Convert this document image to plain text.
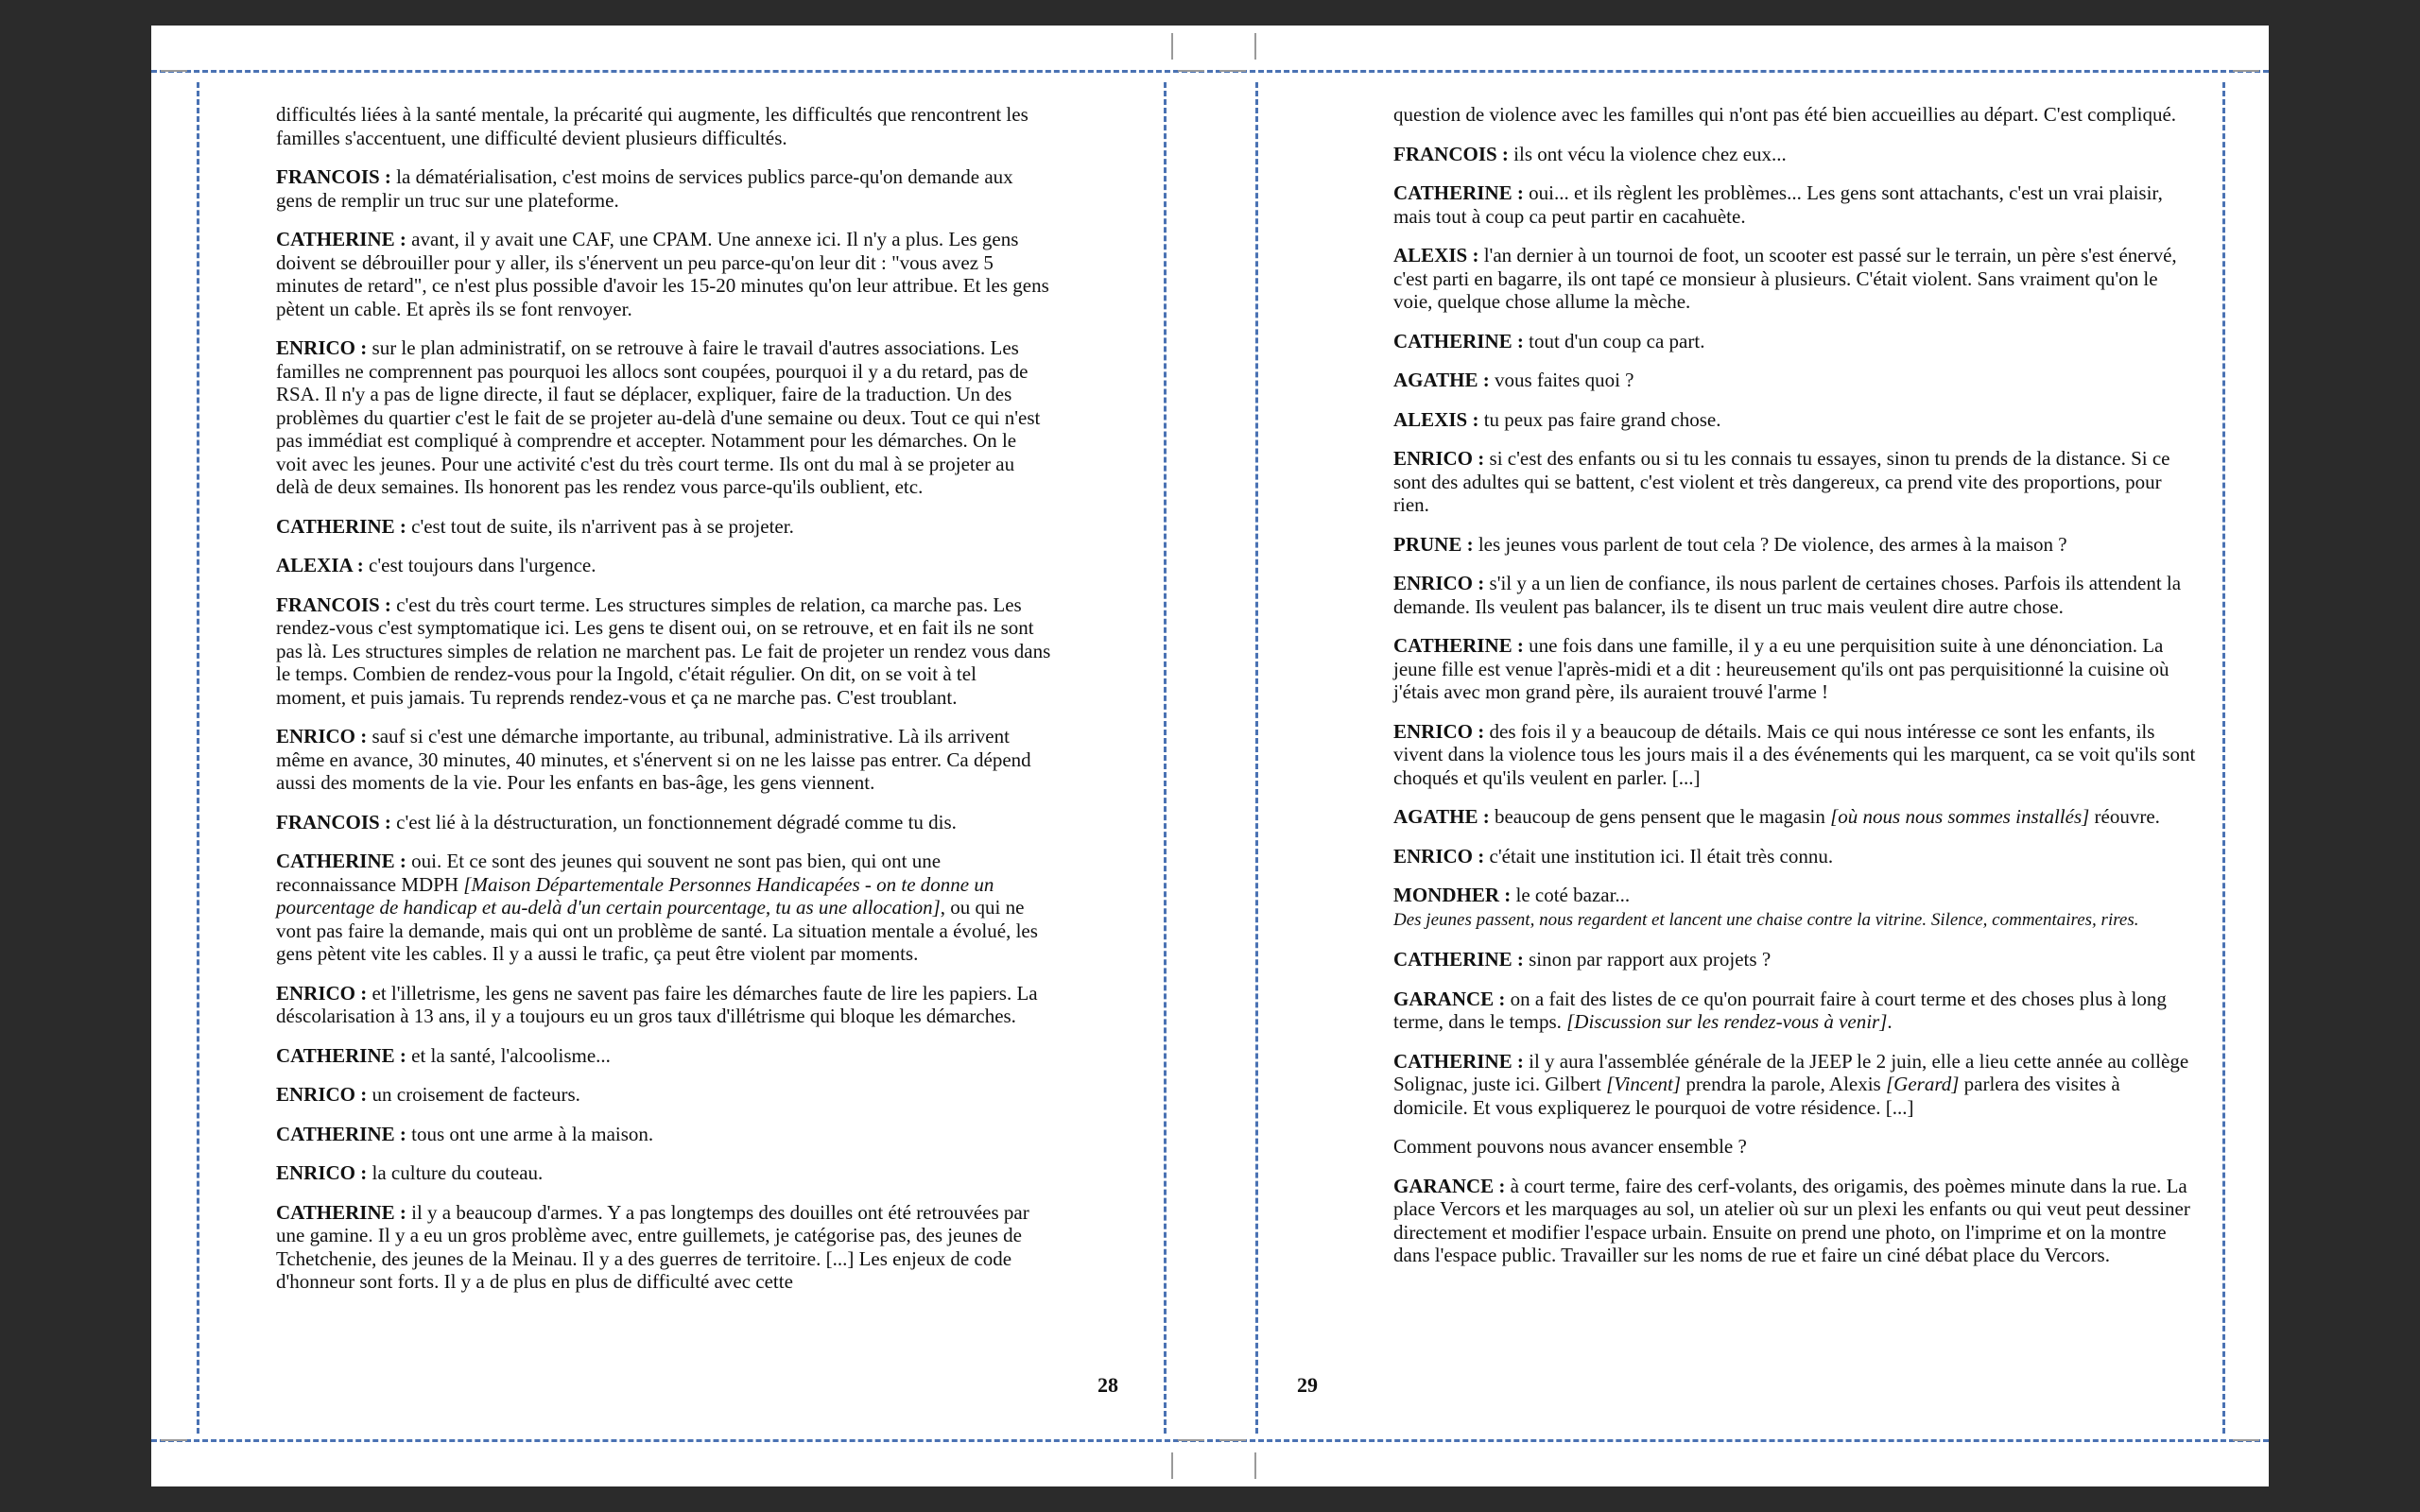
difficultés liées à la santé mentale, la précarité qui augmente, les difficultés que rencontrent les familles s'accentuent, une difficulté devient plusieurs difficultés.

FRANCOIS : la dématérialisation, c'est moins de services publics parce-qu'on demande aux gens de remplir un truc sur une plateforme.

CATHERINE : avant, il y avait une CAF, une CPAM. Une annexe ici. Il n'y a plus. Les gens doivent se débrouiller pour y aller, ils s'énervent un peu parce-qu'on leur dit : "vous avez 5 minutes de retard", ce n'est plus possible d'avoir les 15-20 minutes qu'on leur attribue. Et les gens pètent un cable. Et après ils se font renvoyer.

ENRICO : sur le plan administratif, on se retrouve à faire le travail d'autres associations. Les familles ne comprennent pas pourquoi les allocs sont coupées, pourquoi il y a du retard, pas de RSA. Il n'y a pas de ligne directe, il faut se déplacer, expliquer, faire de la traduction. Un des problèmes du quartier c'est le fait de se projeter au-delà d'une semaine ou deux. Tout ce qui n'est pas immédiat est compliqué à comprendre et accepter. Notamment pour les démarches. On le voit avec les jeunes. Pour une activité c'est du très court terme. Ils ont du mal à se projeter au delà de deux semaines. Ils honorent pas les rendez vous parce-qu'ils oublient, etc.

CATHERINE : c'est tout de suite, ils n'arrivent pas à se projeter.

ALEXIA : c'est toujours dans l'urgence.

FRANCOIS : c'est du très court terme. Les structures simples de relation, ca marche pas. Les rendez-vous c'est symptomatique ici. Les gens te disent oui, on se retrouve, et en fait ils ne sont pas là. Les structures simples de relation ne marchent pas. Le fait de projeter un rendez vous dans le temps. Combien de rendez-vous pour la Ingold, c'était régulier. On dit, on se voit à tel moment, et puis jamais. Tu reprends rendez-vous et ça ne marche pas. C'est troublant.

ENRICO : sauf si c'est une démarche importante, au tribunal, administrative. Là ils arrivent même en avance, 30 minutes, 40 minutes, et s'énervent si on ne les laisse pas entrer. Ca dépend aussi des moments de la vie. Pour les enfants en bas-âge, les gens viennent.

FRANCOIS : c'est lié à la déstructuration, un fonctionnement dégradé comme tu dis.

CATHERINE : oui. Et ce sont des jeunes qui souvent ne sont pas bien, qui ont une reconnaissance MDPH [Maison Départementale Personnes Handicapées - on te donne un pourcentage de handicap et au-delà d'un certain pourcentage, tu as une allocation], ou qui ne vont pas faire la demande, mais qui ont un problème de santé. La situation mentale a évolué, les gens pètent vite les cables. Il y a aussi le trafic, ça peut être violent par moments.

ENRICO : et l'illetrisme, les gens ne savent pas faire les démarches faute de lire les papiers. La déscolarisation à 13 ans, il y a toujours eu un gros taux d'illétrisme qui bloque les démarches.

CATHERINE : et la santé, l'alcoolisme...

ENRICO : un croisement de facteurs.

CATHERINE : tous ont une arme à la maison.

ENRICO : la culture du couteau.

CATHERINE : il y a beaucoup d'armes. Y a pas longtemps des douilles ont été retrouvées par une gamine. Il y a eu un gros problème avec, entre guillemets, je catégorise pas, des jeunes de Tchetchenie, des jeunes de la Meinau. Il y a des guerres de territoire. [...] Les enjeux de code d'honneur sont forts. Il y a de plus en plus de difficulté avec cette

28

question de violence avec les familles qui n'ont pas été bien accueillies au départ. C'est compliqué.

FRANCOIS : ils ont vécu la violence chez eux...

CATHERINE : oui... et ils règlent les problèmes... Les gens sont attachants, c'est un vrai plaisir, mais tout à coup ca peut partir en cacahuète.

ALEXIS : l'an dernier à un tournoi de foot, un scooter est passé sur le terrain, un père s'est énervé, c'est parti en bagarre, ils ont tapé ce monsieur à plusieurs. C'était violent. Sans vraiment qu'on le voie, quelque chose allume la mèche.

CATHERINE : tout d'un coup ca part.

AGATHE : vous faites quoi ?

ALEXIS : tu peux pas faire grand chose.

ENRICO : si c'est des enfants ou si tu les connais tu essayes, sinon tu prends de la distance. Si ce sont des adultes qui se battent, c'est violent et très dangereux, ca prend vite des proportions, pour rien.

PRUNE : les jeunes vous parlent de tout cela ? De violence, des armes à la maison ?

ENRICO : s'il y a un lien de confiance, ils nous parlent de certaines choses. Parfois ils attendent la demande. Ils veulent pas balancer, ils te disent un truc mais veulent dire autre chose.

CATHERINE : une fois dans une famille, il y a eu une perquisition suite à une dénonciation. La jeune fille est venue l'après-midi et a dit : heureusement qu'ils ont pas perquisitionné la cuisine où j'étais avec mon grand père, ils auraient trouvé l'arme !

ENRICO : des fois il y a beaucoup de détails. Mais ce qui nous intéresse ce sont les enfants, ils vivent dans la violence tous les jours mais il a des événements qui les marquent, ca se voit qu'ils sont choqués et qu'ils veulent en parler. [...]

AGATHE : beaucoup de gens pensent que le magasin [où nous nous sommes installés] réouvre.

ENRICO : c'était une institution ici. Il était très connu.

MONDHER : le coté bazar...
Des jeunes passent, nous regardent et lancent une chaise contre la vitrine. Silence, commentaires, rires.

CATHERINE : sinon par rapport aux projets ?

GARANCE : on a fait des listes de ce qu'on pourrait faire à court terme et des choses plus à long terme, dans le temps. [Discussion sur les rendez-vous à venir].

CATHERINE : il y aura l'assemblée générale de la JEEP le 2 juin, elle a lieu cette année au collège Solignac, juste ici. Gilbert [Vincent] prendra la parole, Alexis [Gerard] parlera des visites à domicile. Et vous expliquerez le pourquoi de votre résidence. [...]

Comment pouvons nous avancer ensemble ?

GARANCE : à court terme, faire des cerf-volants, des origamis, des poèmes minute dans la rue. La place Vercors et les marquages au sol, un atelier où sur un plexi les enfants ou qui veut peut dessiner directement et modifier l'espace urbain. Ensuite on prend une photo, on l'imprime et on la montre dans l'espace public. Travailler sur les noms de rue et faire un ciné débat place du Vercors.

29
